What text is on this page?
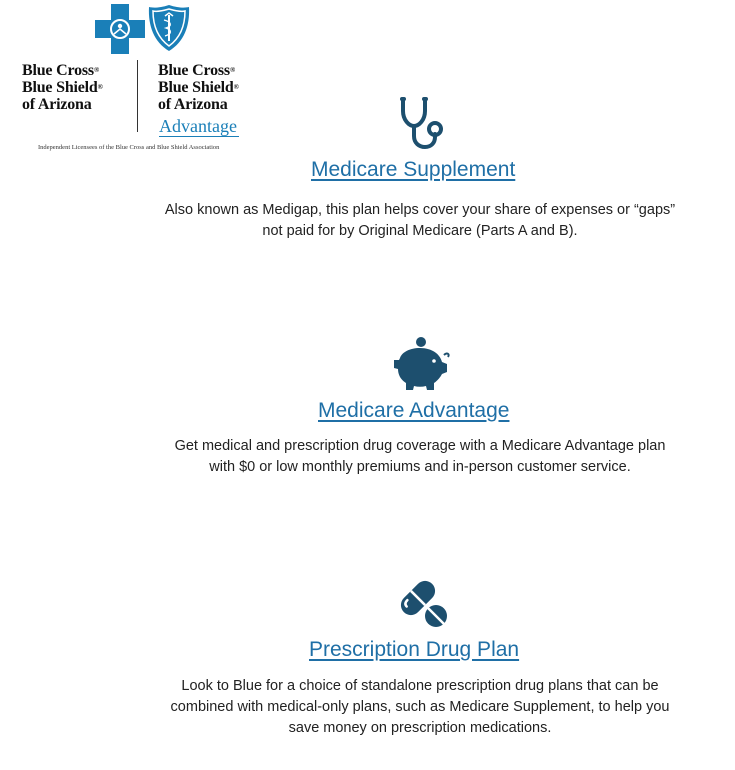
Blue Cross®
Blue Shield®
of Arizona
Blue Cross®
Blue Shield®
of Arizona
Advantage
Independent Licensees of the Blue Cross and Blue Shield Association
Medicare Supplement
Also known as Medigap, this plan helps cover your share of expenses or “gaps”
not paid for by Original Medicare (Parts A and B).
Medicare Advantage
Get medical and prescription drug coverage with a Medicare Advantage plan
with $0 or low monthly premiums and in-person customer service.
Prescription Drug Plan
Look to Blue for a choice of standalone prescription drug plans that can be
combined with medical-only plans, such as Medicare Supplement, to help you
save money on prescription medications.
